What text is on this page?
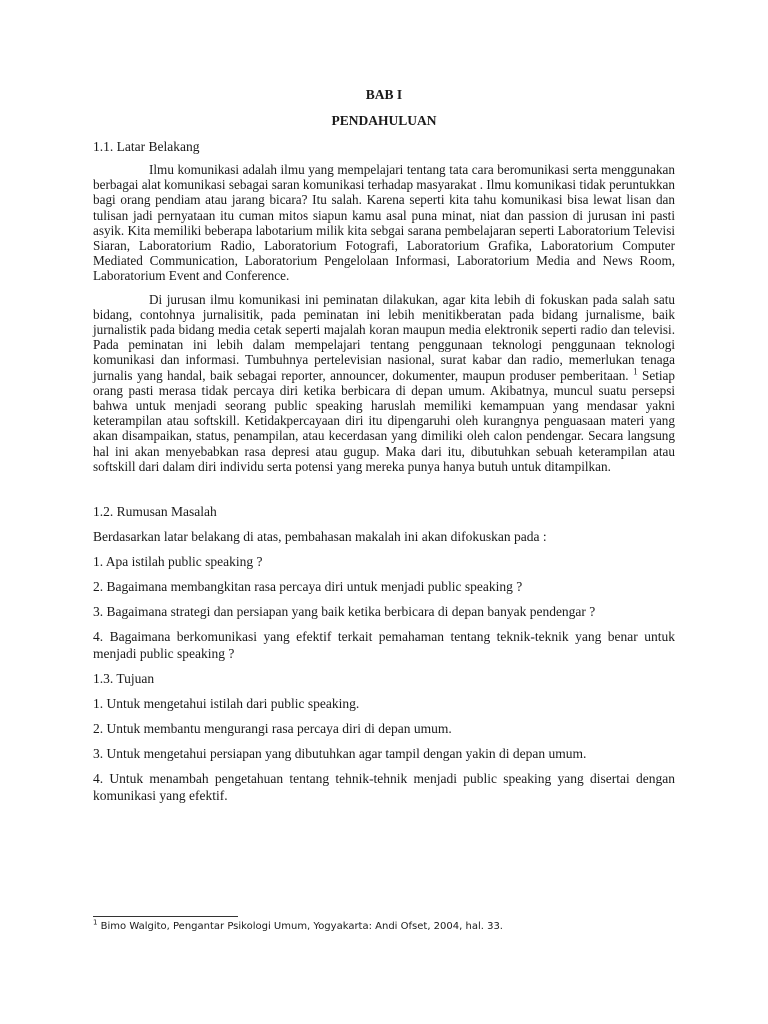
BAB I

PENDAHULUAN

1.1. Latar Belakang

Ilmu komunikasi adalah ilmu yang mempelajari tentang tata cara beromunikasi serta menggunakan berbagai alat komunikasi sebagai saran komunikasi terhadap masyarakat . Ilmu komunikasi tidak peruntukkan bagi orang pendiam atau jarang bicara? Itu salah. Karena seperti kita tahu komunikasi bisa lewat lisan dan tulisan jadi pernyataan itu cuman mitos siapun kamu asal puna minat, niat dan passion di jurusan ini pasti asyik. Kita memiliki beberapa labotarium milik kita sebgai sarana pembelajaran seperti Laboratorium Televisi Siaran, Laboratorium Radio, Laboratorium Fotografi, Laboratorium Grafika, Laboratorium Computer Mediated Communication, Laboratorium Pengelolaan Informasi, Laboratorium Media and News Room, Laboratorium Event and Conference.

Di jurusan ilmu komunikasi ini peminatan dilakukan, agar kita lebih di fokuskan pada salah satu bidang, contohnya jurnalisitik, pada peminatan ini lebih menitikberatan pada bidang jurnalisme, baik jurnalistik pada bidang media cetak seperti majalah koran maupun media elektronik seperti radio dan televisi. Pada peminatan ini lebih dalam mempelajari tentang penggunaan teknologi penggunaan teknologi komunikasi dan informasi. Tumbuhnya pertelevisian nasional, surat kabar dan radio, memerlukan tenaga jurnalis yang handal, baik sebagai reporter, announcer, dokumenter, maupun produser pemberitaan. $^1$ Setiap orang pasti merasa tidak percaya diri ketika berbicara di depan umum. Akibatnya, muncul suatu persepsi bahwa untuk menjadi seorang public speaking haruslah memiliki kemampuan yang mendasar yakni keterampilan atau softskill. Ketidakpercayaan diri itu dipengaruhi oleh kurangnya penguasaan materi yang akan disampaikan, status, penampilan, atau kecerdasan yang dimiliki oleh calon pendengar. Secara langsung hal ini akan menyebabkan rasa depresi atau gugup. Maka dari itu, dibutuhkan sebuah keterampilan atau softskill dari dalam diri individu serta potensi yang mereka punya hanya butuh untuk ditampilkan.

1.2. Rumusan Masalah

Berdasarkan latar belakang di atas, pembahasan makalah ini akan difokuskan pada :

1. Apa istilah public speaking ?

2. Bagaimana membangkitan rasa percaya diri untuk menjadi public speaking ?

3. Bagaimana strategi dan persiapan yang baik ketika berbicara di depan banyak pendengar ?

4. Bagaimana berkomunikasi yang efektif terkait pemahaman tentang teknik-teknik yang benar untuk menjadi public speaking ?

1.3. Tujuan

1. Untuk mengetahui istilah dari public speaking.

2. Untuk membantu mengurangi rasa percaya diri di depan umum.

3. Untuk mengetahui persiapan yang dibutuhkan agar tampil dengan yakin di depan umum.

4. Untuk menambah pengetahuan tentang tehnik-tehnik menjadi public speaking yang disertai dengan komunikasi yang efektif.

$^1$ Bimo Walgito, Pengantar Psikologi Umum, Yogyakarta: Andi Ofset, 2004, hal. 33.
